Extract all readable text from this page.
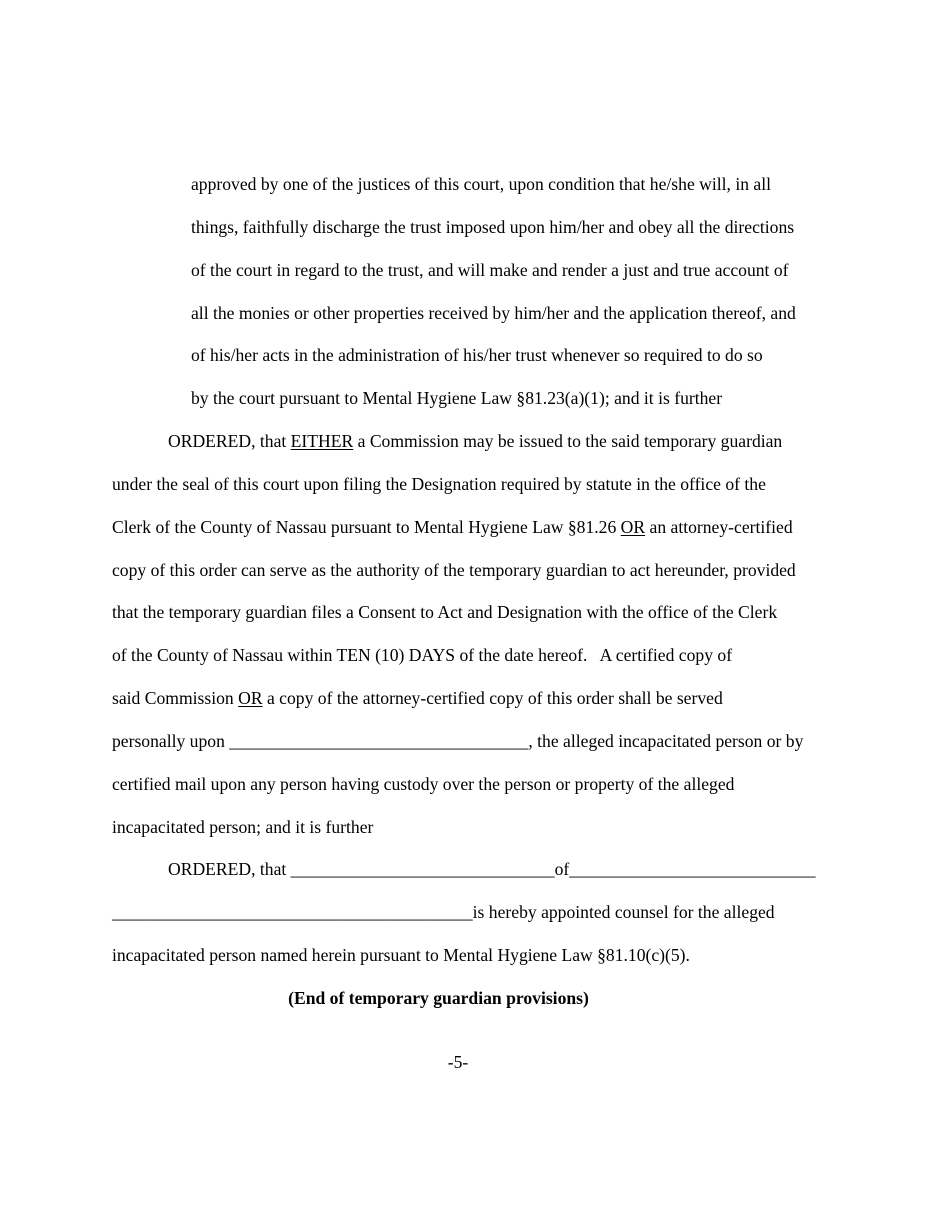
approved by one of the justices of this court, upon condition that he/she will, in all
things, faithfully discharge the trust imposed upon him/her and obey all the directions
of the court in regard to the trust, and will make and render a just and true account of
all the monies or other properties received by him/her and the application thereof, and
of his/her acts in the administration of his/her trust whenever so required to do so
by the court pursuant to Mental Hygiene Law §81.23(a)(1); and it is further
ORDERED, that EITHER a Commission may be issued to the said temporary guardian
under the seal of this court upon filing the Designation required by statute in the office of the
Clerk of the County of Nassau pursuant to Mental Hygiene Law §81.26 OR an attorney-certified
copy of this order can serve as the authority of the temporary guardian to act hereunder, provided
that the temporary guardian files a Consent to Act and Designation with the office of the Clerk
of the County of Nassau within TEN (10) DAYS of the date hereof.   A certified copy of
said Commission OR a copy of the attorney-certified copy of this order shall be served
personally upon __________________________________, the alleged incapacitated person or by
certified mail upon any person having custody over the person or property of the alleged
incapacitated person; and it is further
ORDERED, that ______________________________of____________________________
_________________________________________is hereby appointed counsel for the alleged
incapacitated person named herein pursuant to Mental Hygiene Law §81.10(c)(5).
(End of temporary guardian provisions)
-5-
